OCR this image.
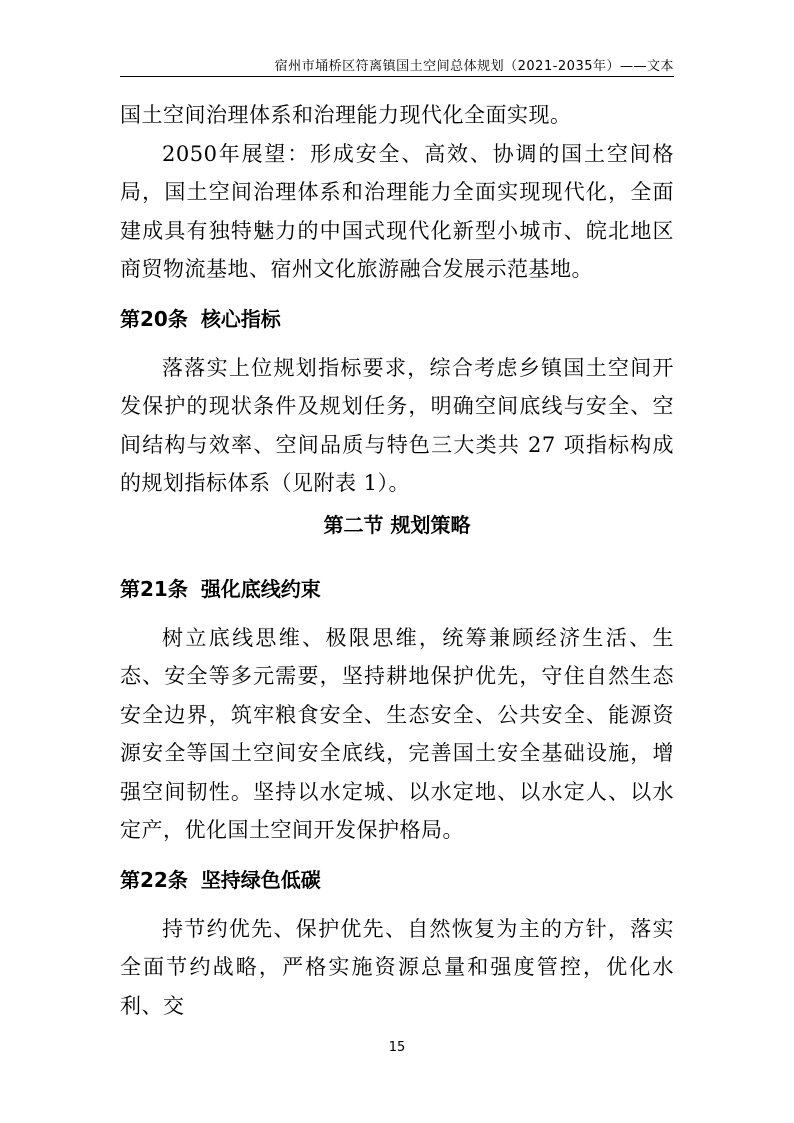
宿州市埇桥区符离镇国土空间总体规划（2021-2035年）——文本

国土空间治理体系和治理能力现代化全面实现。

2050年展望：形成安全、高效、协调的国土空间格局，国土空间治理体系和治理能力全面实现现代化，全面建成具有独特魅力的中国式现代化新型小城市、皖北地区商贸物流基地、宿州文化旅游融合发展示范基地。

第20条 核心指标

落落实上位规划指标要求，综合考虑乡镇国土空间开发保护的现状条件及规划任务，明确空间底线与安全、空间结构与效率、空间品质与特色三大类共 27 项指标构成的规划指标体系（见附表 1）。

第二节 规划策略
第21条 强化底线约束

树立底线思维、极限思维，统筹兼顾经济生活、生态、安全等多元需要，坚持耕地保护优先，守住自然生态安全边界，筑牢粮食安全、生态安全、公共安全、能源资源安全等国土空间安全底线，完善国土安全基础设施，增强空间韧性。坚持以水定城、以水定地、以水定人、以水定产，优化国土空间开发保护格局。

第22条 坚持绿色低碳

持节约优先、保护优先、自然恢复为主的方针，落实全面节约战略，严格实施资源总量和强度管控，优化水利、交

15
